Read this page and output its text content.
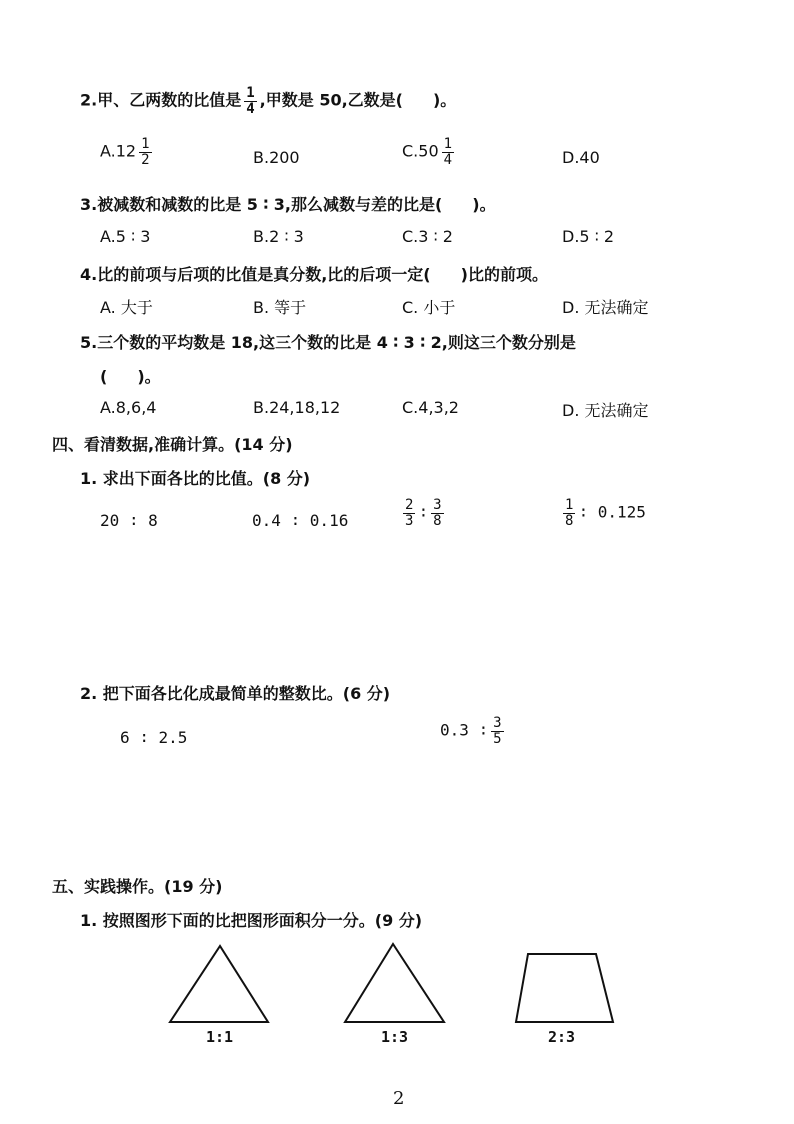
2.甲、乙两数的比值是 $\frac{1}{4}$ ,甲数是 50,乙数是( )。
$A.12 \frac{1}{2}$	B.200	$C.50 \frac{1}{4}$	D.40
3.被减数和减数的比是 5 ∶ 3,那么减数与差的比是( )。
A.5 ∶ 3	B.2 ∶ 3	C.3 ∶ 2	D.5 ∶ 2
4.比的前项与后项的比值是真分数,比的后项一定( )比的前项。
A. 大于	B. 等于	C. 小于	D. 无法确定
5.三个数的平均数是 18,这三个数的比是 4 ∶ 3 ∶ 2,则这三个数分别是
( )。
A.8,6,4	B.24,18,12	C.4,3,2	D. 无法确定
四、看清数据,准确计算。(14 分)
1. 求出下面各比的比值。(8 分)
20 ∶ 8	0.4 ∶ 0.16	$\frac{2}{3}$ ∶ $\frac{3}{8}$	$\frac{1}{8}$ ∶ 0.125
2. 把下面各比化成最简单的整数比。(6 分)
6 ∶ 2.5	0.3 ∶ $\frac{3}{5}$
五、实践操作。(19 分)
1. 按照图形下面的比把图形面积分一分。(9 分)
1:1	1:3	2:3
2
